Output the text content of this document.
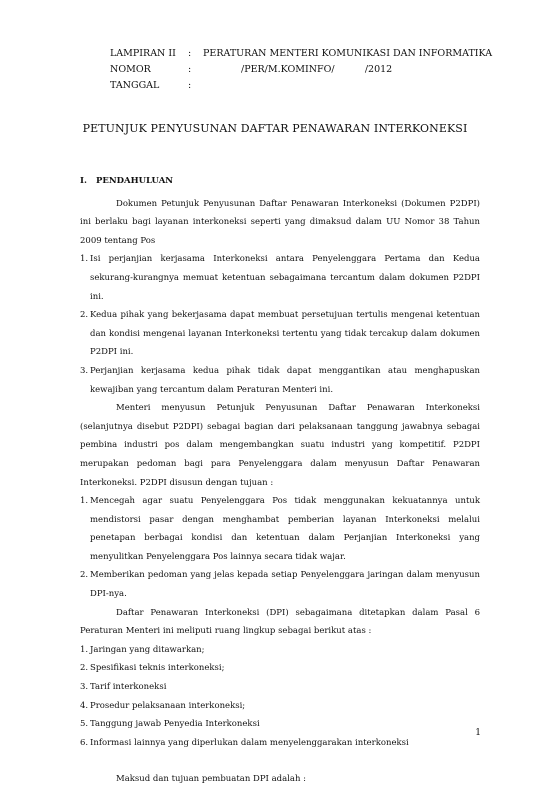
LAMPIRAN II	:	PERATURAN MENTERI KOMUNIKASI DAN INFORMATIKA
NOMOR	:	/PER/M.KOMINFO/          /2012
TANGGAL	:
PETUNJUK PENYUSUNAN DAFTAR PENAWARAN INTERKONEKSI
I. PENDAHULUAN

Dokumen Petunjuk Penyusunan Daftar Penawaran Interkoneksi (Dokumen P2DPI) ini berlaku bagi layanan interkoneksi seperti yang dimaksud dalam UU Nomor 38 Tahun 2009 tentang Pos

1. Isi perjanjian kerjasama Interkoneksi antara Penyelenggara Pertama dan Kedua sekurang-kurangnya memuat ketentuan sebagaimana tercantum dalam dokumen P2DPI ini.
2. Kedua pihak yang bekerjasama dapat membuat persetujuan tertulis mengenai ketentuan dan kondisi mengenai layanan Interkoneksi tertentu yang tidak tercakup dalam dokumen P2DPI ini.
3. Perjanjian kerjasama kedua pihak tidak dapat menggantikan atau menghapuskan kewajiban yang tercantum dalam Peraturan Menteri ini.

Menteri menyusun Petunjuk Penyusunan Daftar Penawaran Interkoneksi (selanjutnya disebut P2DPI) sebagai bagian dari pelaksanaan tanggung jawabnya sebagai pembina industri pos dalam mengembangkan suatu industri yang kompetitif. P2DPI merupakan pedoman bagi para Penyelenggara dalam menyusun Daftar Penawaran Interkoneksi. P2DPI disusun dengan tujuan :

1. Mencegah agar suatu Penyelenggara Pos tidak menggunakan kekuatannya untuk mendistorsi pasar dengan menghambat pemberian layanan Interkoneksi melalui penetapan berbagai kondisi dan ketentuan dalam Perjanjian Interkoneksi yang menyulitkan Penyelenggara Pos lainnya secara tidak wajar.
2. Memberikan pedoman yang jelas kepada setiap Penyelenggara jaringan dalam menyusun DPI-nya.

Daftar Penawaran Interkoneksi (DPI) sebagaimana ditetapkan dalam Pasal 6 Peraturan Menteri ini meliputi ruang lingkup sebagai berikut atas :

1. Jaringan yang ditawarkan;
2. Spesifikasi teknis interkoneksi;
3. Tarif interkoneksi
4. Prosedur pelaksanaan interkoneksi;
5. Tanggung jawab Penyedia Interkoneksi
6. Informasi lainnya yang diperlukan dalam menyelenggarakan interkoneksi

Maksud dan tujuan pembuatan DPI adalah :

1
